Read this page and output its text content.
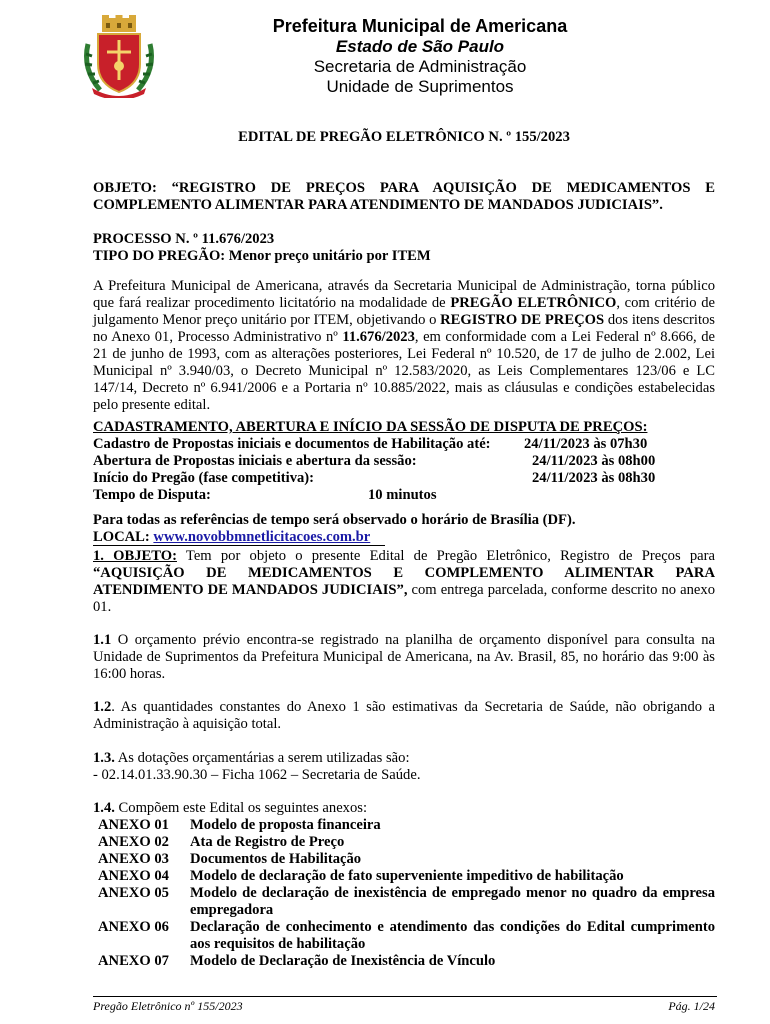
Prefeitura Municipal de Americana
Estado de São Paulo
Secretaria de Administração
Unidade de Suprimentos
EDITAL DE PREGÃO ELETRÔNICO N. º 155/2023
OBJETO: “REGISTRO DE PREÇOS PARA AQUISIÇÃO DE MEDICAMENTOS E
COMPLEMENTO ALIMENTAR PARA ATENDIMENTO DE MANDADOS JUDICIAIS”.
PROCESSO N. º 11.676/2023
TIPO DO PREGÃO: Menor preço unitário por ITEM
A Prefeitura Municipal de Americana, através da Secretaria Municipal de Administração, torna público que fará realizar procedimento licitatório na modalidade de PREGÃO ELETRÔNICO, com critério de julgamento Menor preço unitário por ITEM, objetivando o REGISTRO DE PREÇOS dos itens descritos no Anexo 01, Processo Administrativo nº 11.676/2023, em conformidade com a Lei Federal nº 8.666, de 21 de junho de 1993, com as alterações posteriores, Lei Federal nº 10.520, de 17 de julho de 2.002, Lei Municipal nº 3.940/03, o Decreto Municipal nº 12.583/2020, as Leis Complementares 123/06 e LC 147/14, Decreto nº 6.941/2006 e a Portaria nº 10.885/2022, mais as cláusulas e condições estabelecidas pelo presente edital.
CADASTRAMENTO, ABERTURA E INÍCIO DA SESSÃO DE DISPUTA DE PREÇOS:
Cadastro de Propostas iniciais e documentos de Habilitação até: 24/11/2023 às 07h30
Abertura de Propostas iniciais e abertura da sessão:	24/11/2023 às 08h00
Início do Pregão (fase competitiva):	24/11/2023 às 08h30
Tempo de Disputa:	10 minutos
Para todas as referências de tempo será observado o horário de Brasília (DF).
LOCAL: www.novobbmnetlicitacoes.com.br
1. OBJETO: Tem por objeto o presente Edital de Pregão Eletrônico, Registro de Preços para “AQUISIÇÃO DE MEDICAMENTOS E COMPLEMENTO ALIMENTAR PARA ATENDIMENTO DE MANDADOS JUDICIAIS”, com entrega parcelada, conforme descrito no anexo 01.
1.1 O orçamento prévio encontra-se registrado na planilha de orçamento disponível para consulta na Unidade de Suprimentos da Prefeitura Municipal de Americana, na Av. Brasil, 85, no horário das 9:00 às 16:00 horas.
1.2. As quantidades constantes do Anexo 1 são estimativas da Secretaria de Saúde, não obrigando a Administração à aquisição total.
1.3. As dotações orçamentárias a serem utilizadas são:
- 02.14.01.33.90.30 – Ficha 1062 – Secretaria de Saúde.
1.4. Compõem este Edital os seguintes anexos:
ANEXO 01 Modelo de proposta financeira
ANEXO 02 Ata de Registro de Preço
ANEXO 03 Documentos de Habilitação
ANEXO 04 Modelo de declaração de fato superveniente impeditivo de habilitação
ANEXO 05 Modelo de declaração de inexistência de empregado menor no quadro da empresa empregadora
ANEXO 06 Declaração de conhecimento e atendimento das condições do Edital cumprimento aos requisitos de habilitação
ANEXO 07 Modelo de Declaração de Inexistência de Vínculo
Pregão Eletrônico nº 155/2023	Pág. 1/24
